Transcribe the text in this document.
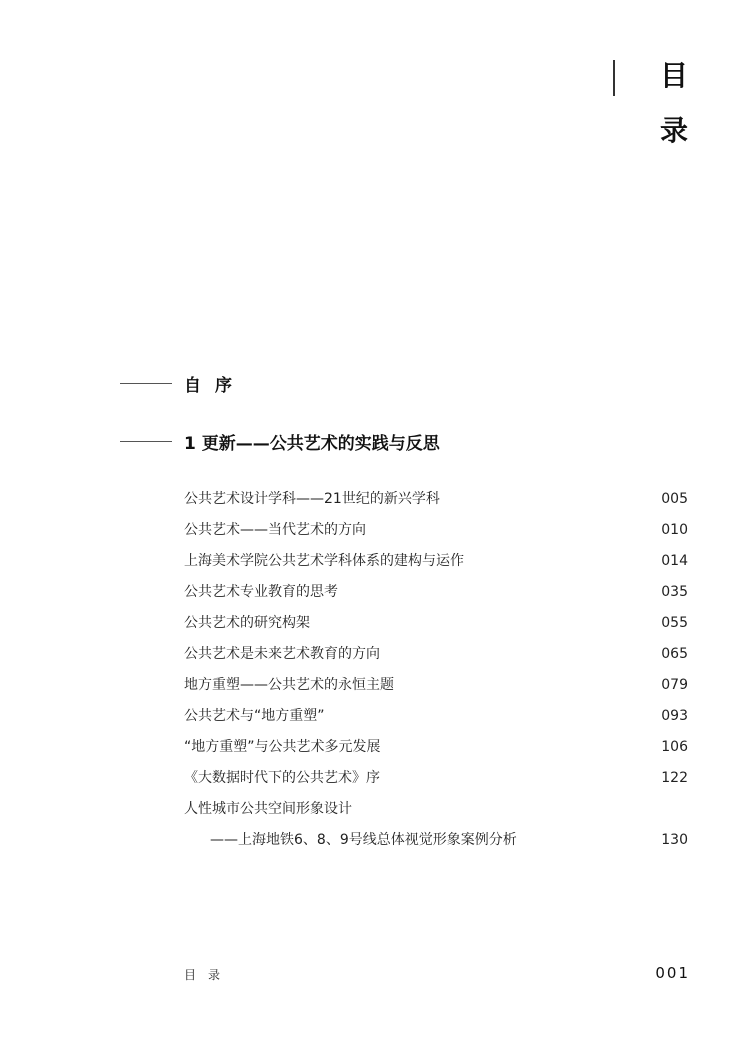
目
录
自序
1 更新——公共艺术的实践与反思
公共艺术设计学科——21世纪的新兴学科	005
公共艺术——当代艺术的方向	010
上海美术学院公共艺术学科体系的建构与运作	014
公共艺术专业教育的思考	035
公共艺术的研究构架	055
公共艺术是未来艺术教育的方向	065
地方重塑——公共艺术的永恒主题	079
公共艺术与“地方重塑”	093
“地方重塑”与公共艺术多元发展	106
《大数据时代下的公共艺术》序	122
人性城市公共空间形象设计
——上海地铁6、8、9号线总体视觉形象案例分析	130
目录	001
